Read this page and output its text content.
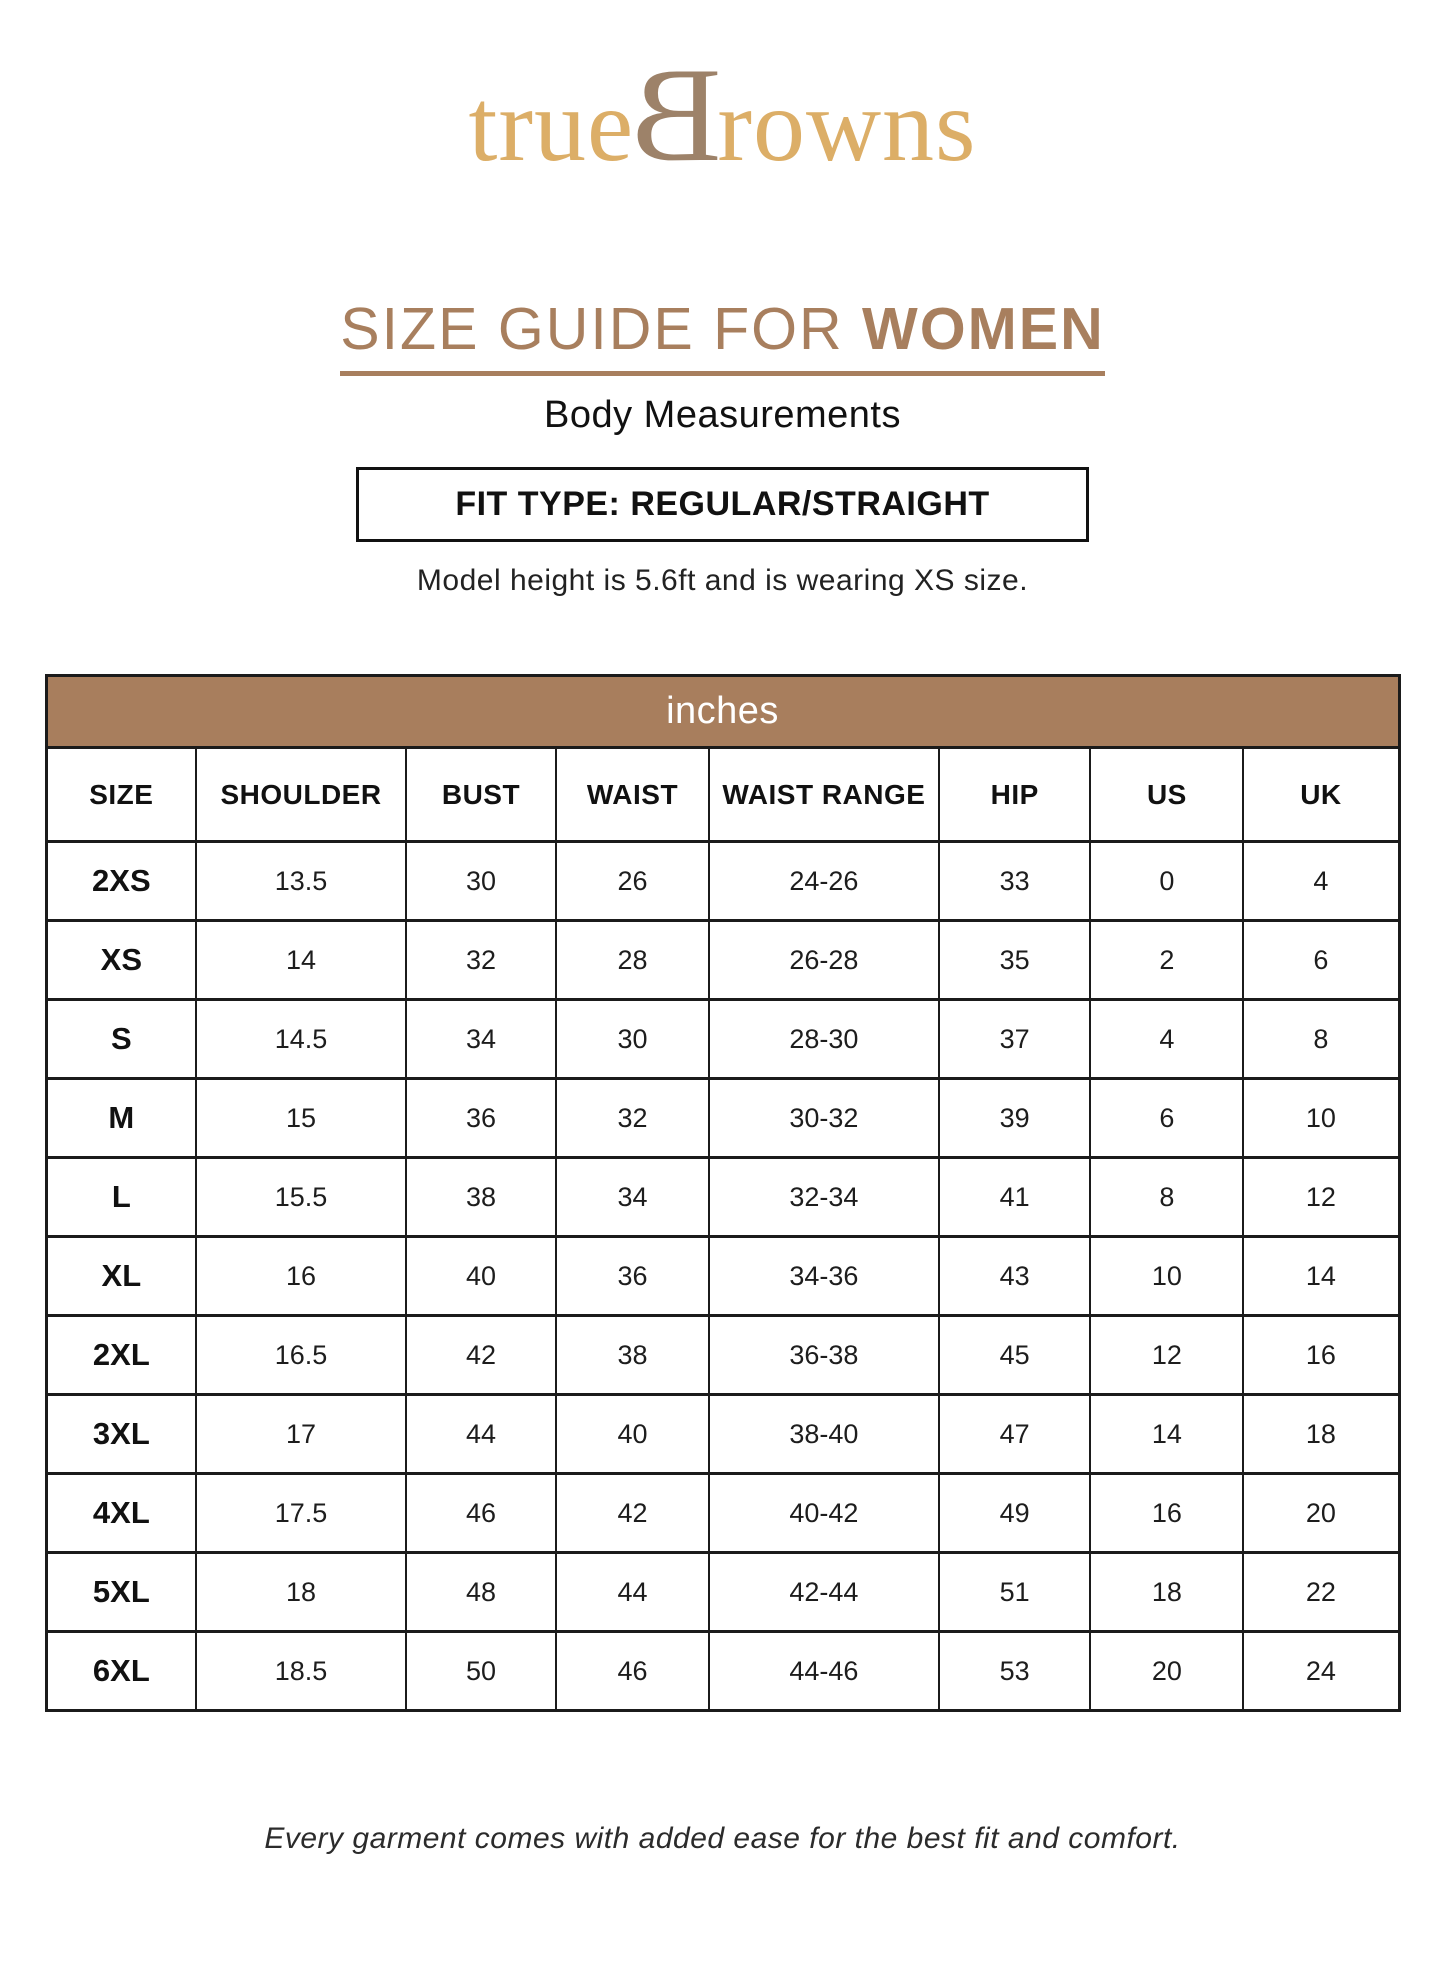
trueBrowns
SIZE GUIDE FOR WOMEN
Body Measurements
FIT TYPE: REGULAR/STRAIGHT
Model height is 5.6ft and is wearing XS size.
inches							
SIZE	SHOULDER	BUST	WAIST	WAIST RANGE	HIP	US	UK
2XS	13.5	30	26	24-26	33	0	4
XS	14	32	28	26-28	35	2	6
S	14.5	34	30	28-30	37	4	8
M	15	36	32	30-32	39	6	10
L	15.5	38	34	32-34	41	8	12
XL	16	40	36	34-36	43	10	14
2XL	16.5	42	38	36-38	45	12	16
3XL	17	44	40	38-40	47	14	18
4XL	17.5	46	42	40-42	49	16	20
5XL	18	48	44	42-44	51	18	22
6XL	18.5	50	46	44-46	53	20	24
Every garment comes with added ease for the best fit and comfort.
